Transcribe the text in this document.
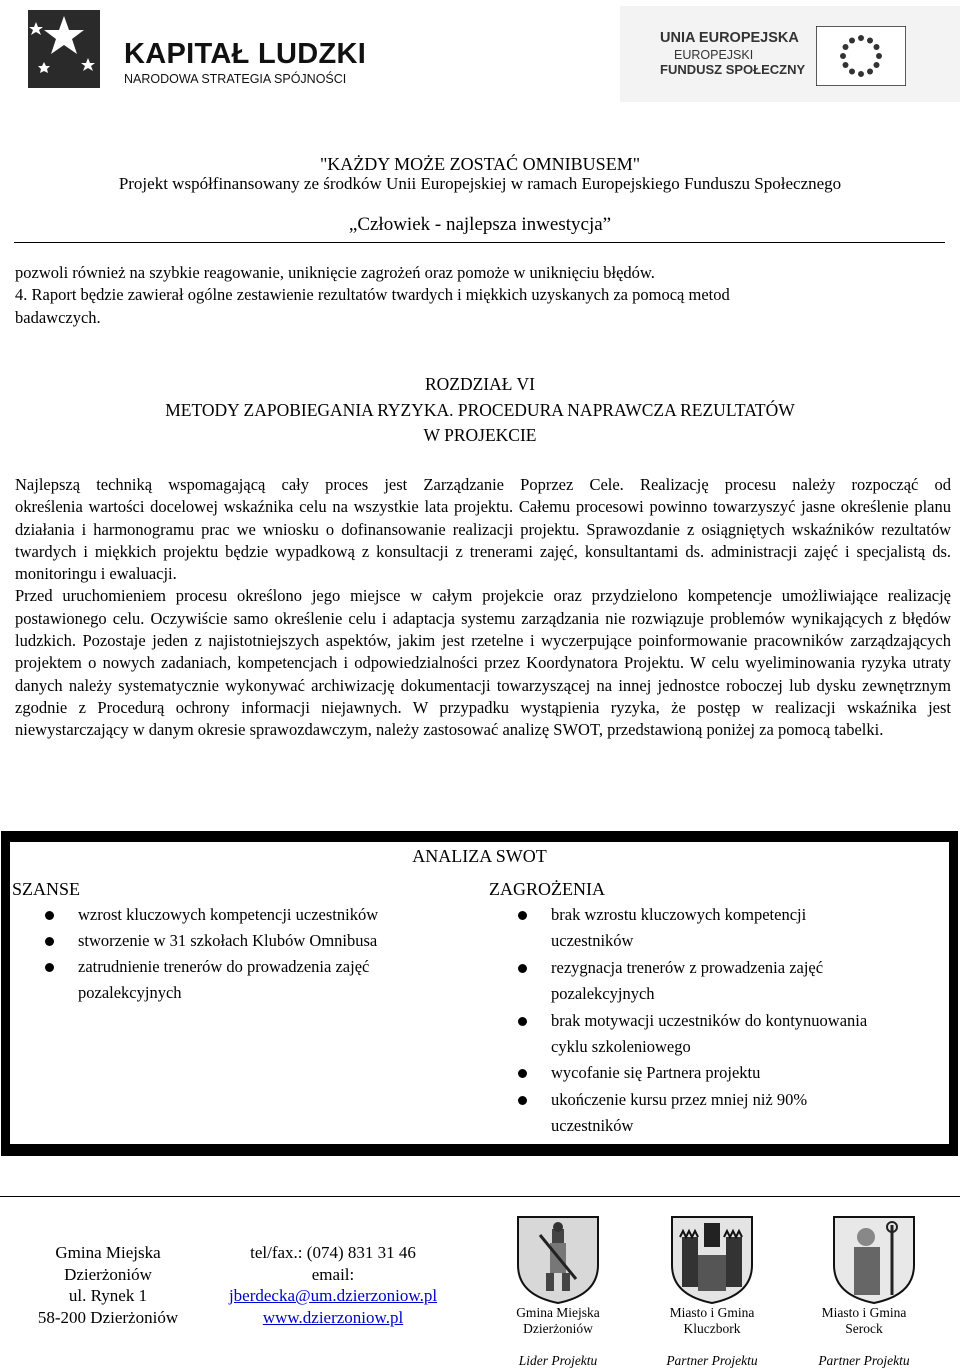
KAPITAŁ LUDZKI
NARODOWA STRATEGIA SPÓJNOŚCI
UNIA EUROPEJSKA
EUROPEJSKI
FUNDUSZ SPOŁECZNY
"KAŻDY MOŻE ZOSTAĆ OMNIBUSEM"
Projekt współfinansowany ze środków Unii Europejskiej w ramach Europejskiego Funduszu Społecznego
„Człowiek - najlepsza inwestycja”

pozwoli również na szybkie reagowanie, uniknięcie zagrożeń oraz pomoże w uniknięciu błędów.

4. Raport będzie zawierał ogólne zestawienie rezultatów twardych i miękkich uzyskanych za pomocą metod

badawczych.

ROZDZIAŁ VI
METODY ZAPOBIEGANIA RYZYKA. PROCEDURA NAPRAWCZA REZULTATÓW
W PROJEKCIE

Najlepszą techniką wspomagającą cały proces jest Zarządzanie Poprzez Cele. Realizację procesu należy rozpocząć od

określenia wartości docelowej wskaźnika celu na wszystkie lata projektu. Całemu procesowi powinno towarzyszyć jasne określenie planu działania i harmonogramu prac we wniosku o dofinansowanie realizacji projektu. Sprawozdanie z osiągniętych wskaźników rezultatów twardych i miękkich projektu będzie wypadkową z konsultacji z trenerami zajęć, konsultantami ds. administracji zajęć i specjalistą ds. monitoringu i ewaluacji.

Przed uruchomieniem procesu określono jego miejsce w całym projekcie oraz przydzielono kompetencje umożliwiające realizację postawionego celu. Oczywiście samo określenie celu i adaptacja systemu zarządzania nie rozwiązuje problemów wynikających z błędów ludzkich. Pozostaje jeden z najistotniejszych aspektów, jakim jest rzetelne i wyczerpujące poinformowanie pracowników zarządzających projektem o nowych zadaniach, kompetencjach i odpowiedzialności przez Koordynatora Projektu. W celu wyeliminowania ryzyka utraty danych należy systematycznie wykonywać archiwizację dokumentacji towarzyszącej na innej jednostce roboczej lub dysku zewnętrznym zgodnie z Procedurą ochrony informacji niejawnych. W przypadku wystąpienia ryzyka, że postęp w realizacji wskaźnika jest niewystarczający w danym okresie sprawozdawczym, należy zastosować analizę SWOT, przedstawioną poniżej za pomocą tabelki.

ANALIZA SWOT
SZANSE	ZAGROŻENIA
wzrost kluczowych kompetencji uczestników
stworzenie w 31 szkołach Klubów Omnibusa
zatrudnienie trenerów do prowadzenia zajęć
pozalekcyjnych
brak wzrostu kluczowych kompetencji
uczestników
rezygnacja trenerów z prowadzenia zajęć
pozalekcyjnych
brak motywacji uczestników do kontynuowania
cyklu szkoleniowego
wycofanie się Partnera projektu
ukończenie kursu przez mniej niż 90%
uczestników
Gmina Miejska
Dzierżoniów
ul. Rynek 1
58-200 Dzierżoniów
tel/fax.: (074) 831 31 46
email:
jberdecka@um.dzierzoniow.pl
www.dzierzoniow.pl	Gmina Miejska
Dzierżoniów
Miasto i Gmina
Kluczbork
Miasto i Gmina
Serock
Lider Projektu	Partner Projektu	Partner Projektu
